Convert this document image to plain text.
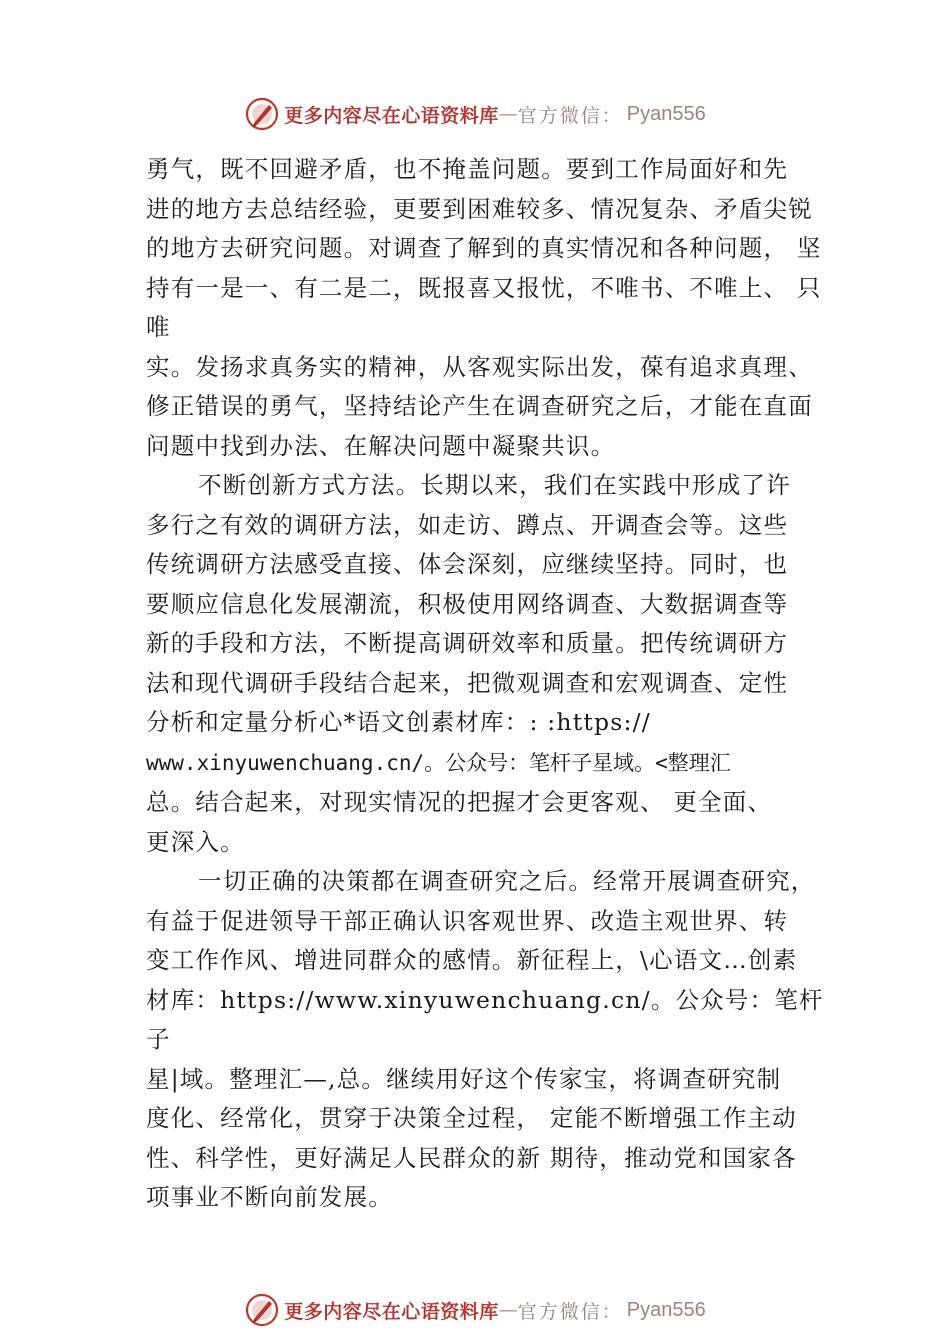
更多内容尽在心语资料库 — 官方微信： Pyan556

勇气，既不回避矛盾，也不掩盖问题。要到工作局面好和先
进的地方去总结经验，更要到困难较多、情况复杂、矛盾尖锐
的地方去研究问题。对调查了解到的真实情况和各种问题， 坚
持有一是一、有二是二，既报喜又报忧，不唯书、不唯上、 只唯
实。发扬求真务实的精神，从客观实际出发，葆有追求真理、
修正错误的勇气，坚持结论产生在调查研究之后，才能在直面
问题中找到办法、在解决问题中凝聚共识。

不断创新方式方法。长期以来，我们在实践中形成了许
多行之有效的调研方法，如走访、蹲点、开调查会等。这些
传统调研方法感受直接、体会深刻，应继续坚持。同时，也
要顺应信息化发展潮流，积极使用网络调查、大数据调查等
新的手段和方法，不断提高调研效率和质量。把传统调研方
法和现代调研手段结合起来，把微观调查和宏观调查、定性
分析和定量分析心*语文创素材库：: :https://
www.xinyuwenchuang.cn/。公众号：笔杆子星域。<整理汇
总。结合起来，对现实情况的把握才会更客观、 更全面、
更深入。

一切正确的决策都在调查研究之后。经常开展调查研究，
有益于促进领导干部正确认识客观世界、改造主观世界、转
变工作作风、增进同群众的感情。新征程上，\心语文…创素
材库：https://www.xinyuwenchuang.cn/。公众号：笔杆子
星|域。整理汇—,总。继续用好这个传家宝，将调查研究制
度化、经常化，贯穿于决策全过程， 定能不断增强工作主动
性、科学性，更好满足人民群众的新 期待，推动党和国家各
项事业不断向前发展。

更多内容尽在心语资料库 — 官方微信： Pyan556
